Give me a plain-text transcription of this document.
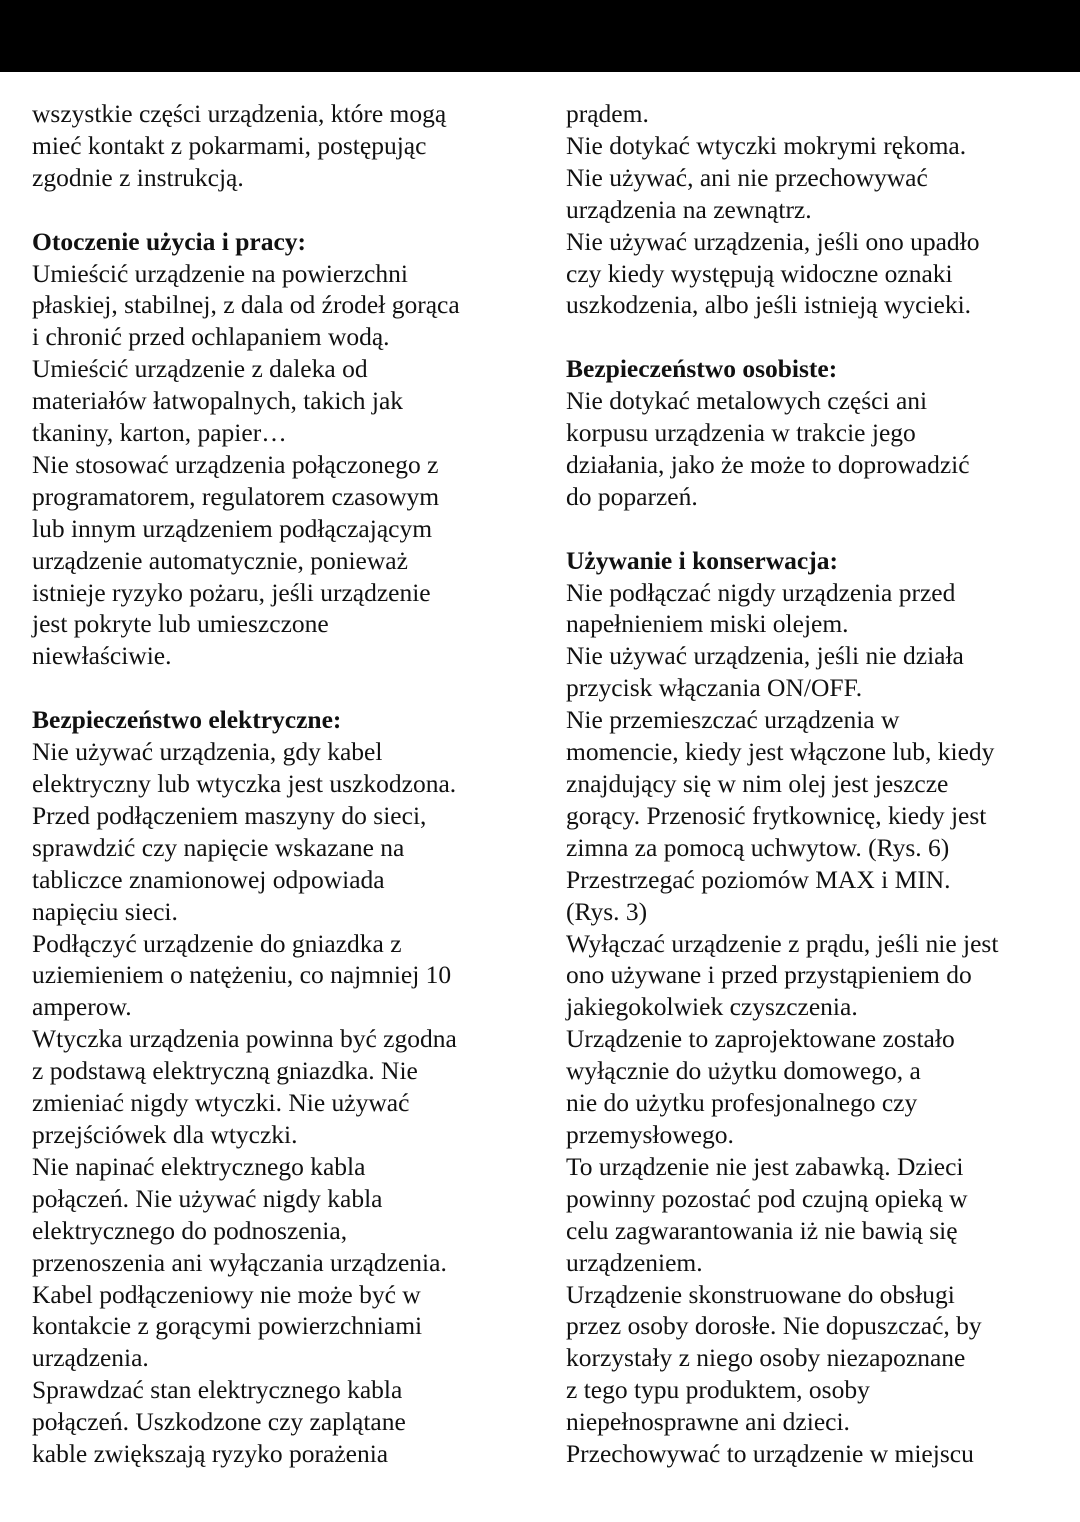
wszystkie części urządzenia, które mogą
mieć kontakt z pokarmami, postępując
zgodnie z instrukcją.
Otoczenie użycia i pracy:
Umieścić urządzenie na powierzchni
płaskiej, stabilnej, z dala od źrodeł gorąca
i chronić przed ochlapaniem wodą.
Umieścić urządzenie z daleka od
materiałów łatwopalnych, takich jak
tkaniny, karton, papier…
Nie stosować urządzenia połączonego z
programatorem, regulatorem czasowym
lub innym urządzeniem podłączającym
urządzenie automatycznie, ponieważ
istnieje ryzyko pożaru, jeśli urządzenie
jest pokryte lub umieszczone
niewłaściwie.
Bezpieczeństwo elektryczne:
Nie używać urządzenia, gdy kabel
elektryczny lub wtyczka jest uszkodzona.
Przed podłączeniem maszyny do sieci,
sprawdzić czy napięcie wskazane na
tabliczce znamionowej odpowiada
napięciu sieci.
Podłączyć urządzenie do gniazdka z
uziemieniem o natężeniu, co najmniej 10
amperow.
Wtyczka urządzenia powinna być zgodna
z podstawą elektryczną gniazdka. Nie
zmieniać nigdy wtyczki. Nie używać
przejściówek dla wtyczki.
Nie napinać elektrycznego kabla
połączeń. Nie używać nigdy kabla
elektrycznego do podnoszenia,
przenoszenia ani wyłączania urządzenia.
Kabel podłączeniowy nie może być w
kontakcie z gorącymi powierzchniami
urządzenia.
Sprawdzać stan elektrycznego kabla
połączeń. Uszkodzone czy zaplątane
kable zwiększają ryzyko porażenia
prądem.
Nie dotykać wtyczki mokrymi rękoma.
Nie używać, ani nie przechowywać
urządzenia na zewnątrz.
Nie używać urządzenia, jeśli ono upadło
czy kiedy występują widoczne oznaki
uszkodzenia, albo jeśli istnieją wycieki.
Bezpieczeństwo osobiste:
Nie dotykać metalowych części ani
korpusu urządzenia w trakcie jego
działania, jako że może to doprowadzić
do poparzeń.
Używanie i konserwacja:
Nie podłączać nigdy urządzenia przed
napełnieniem miski olejem.
Nie używać urządzenia, jeśli nie działa
przycisk włączania ON/OFF.
Nie przemieszczać urządzenia w
momencie, kiedy jest włączone lub, kiedy
znajdujący się w nim olej jest jeszcze
gorący. Przenosić frytkownicę, kiedy jest
zimna za pomocą uchwytow. (Rys. 6)
Przestrzegać poziomów MAX i MIN.
(Rys. 3)
Wyłączać urządzenie z prądu, jeśli nie jest
ono używane i przed przystąpieniem do
jakiegokolwiek czyszczenia.
Urządzenie to zaprojektowane zostało
wyłącznie do użytku domowego, a
nie do użytku profesjonalnego czy
przemysłowego.
To urządzenie nie jest zabawką. Dzieci
powinny pozostać pod czujną opieką w
celu zagwarantowania iż nie bawią się
urządzeniem.
Urządzenie skonstruowane do obsługi
przez osoby dorosłe. Nie dopuszczać, by
korzystały z niego osoby niezapoznane
z tego typu produktem, osoby
niepełnosprawne ani dzieci.
Przechowywać to urządzenie w miejscu
